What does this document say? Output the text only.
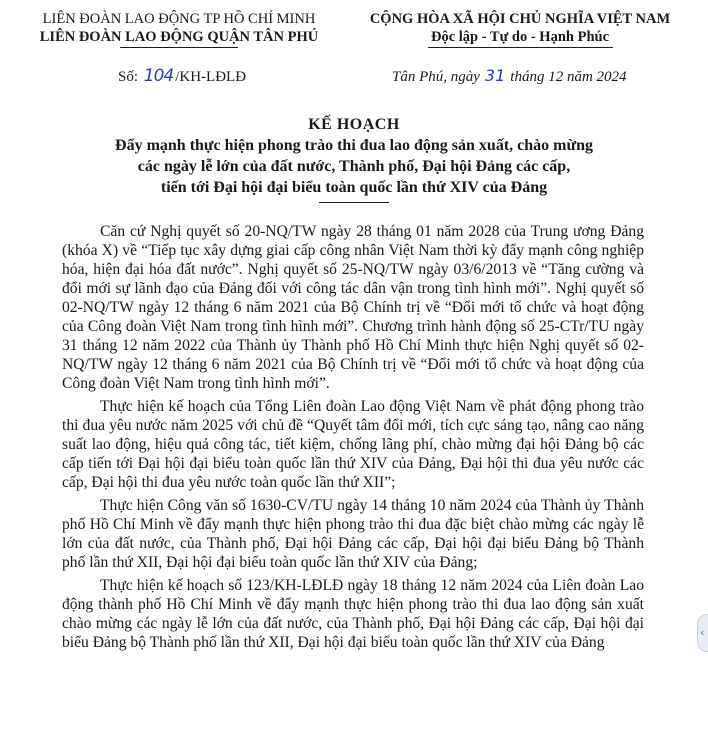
LIÊN ĐOÀN LAO ĐỘNG TP HỒ CHÍ MINH
LIÊN ĐOÀN LAO ĐỘNG QUẬN TÂN PHÚ
CỘNG HÒA XÃ HỘI CHỦ NGHĨA VIỆT NAM
Độc lập - Tự do - Hạnh Phúc
Số: 104 /KH-LĐLĐ	Tân Phú, ngày 31 tháng 12 năm 2024
KẾ HOẠCH
Đẩy mạnh thực hiện phong trào thi đua lao động sản xuất, chào mừng
các ngày lễ lớn của đất nước, Thành phố, Đại hội Đảng các cấp,
tiến tới Đại hội đại biểu toàn quốc lần thứ XIV của Đảng

Căn cứ Nghị quyết số 20-NQ/TW ngày 28 tháng 01 năm 2028 của Trung ương Đảng (khóa X) về “Tiếp tục xây dựng giai cấp công nhân Việt Nam thời kỳ đẩy mạnh công nghiệp hóa, hiện đại hóa đất nước”. Nghị quyết số 25-NQ/TW ngày 03/6/2013 về “Tăng cường và đổi mới sự lãnh đạo của Đảng đối với công tác dân vận trong tình hình mới”. Nghị quyết số 02-NQ/TW ngày 12 tháng 6 năm 2021 của Bộ Chính trị về “Đổi mới tổ chức và hoạt động của Công đoàn Việt Nam trong tình hình mới”. Chương trình hành động số 25-CTr/TU ngày 31 tháng 12 năm 2022 của Thành ủy Thành phố Hồ Chí Minh thực hiện Nghị quyết số 02-NQ/TW ngày 12 tháng 6 năm 2021 của Bộ Chính trị về “Đổi mới tổ chức và hoạt động của Công đoàn Việt Nam trong tình hình mới”.

Thực hiện kế hoạch của Tổng Liên đoàn Lao động Việt Nam về phát động phong trào thi đua yêu nước năm 2025 với chủ đề “Quyết tâm đổi mới, tích cực sáng tạo, nâng cao năng suất lao động, hiệu quả công tác, tiết kiệm, chống lãng phí, chào mừng đại hội Đảng bộ các cấp tiến tới Đại hội đại biểu toàn quốc lần thứ XIV của Đảng, Đại hội thi đua yêu nước các cấp, Đại hội thi đua yêu nước toàn quốc lần thứ XII”;

Thực hiện Công văn số 1630-CV/TU ngày 14 tháng 10 năm 2024 của Thành ủy Thành phố Hồ Chí Minh về đẩy mạnh thực hiện phong trào thi đua đặc biệt chào mừng các ngày lễ lớn của đất nước, của Thành phố, Đại hội Đảng các cấp, Đại hội đại biểu Đảng bộ Thành phố lần thứ XII, Đại hội đại biểu toàn quốc lần thứ XIV của Đảng;

Thực hiện kế hoạch số 123/KH-LĐLĐ ngày 18 tháng 12 năm 2024 của Liên đoàn Lao động thành phố Hồ Chí Minh về đẩy mạnh thực hiện phong trào thi đua lao động sản xuất chào mừng các ngày lễ lớn của đất nước, của Thành phố, Đại hội Đảng các cấp, Đại hội đại biểu Đảng bộ Thành phố lần thứ XII, Đại hội đại biểu toàn quốc lần thứ XIV của Đảng

‹
